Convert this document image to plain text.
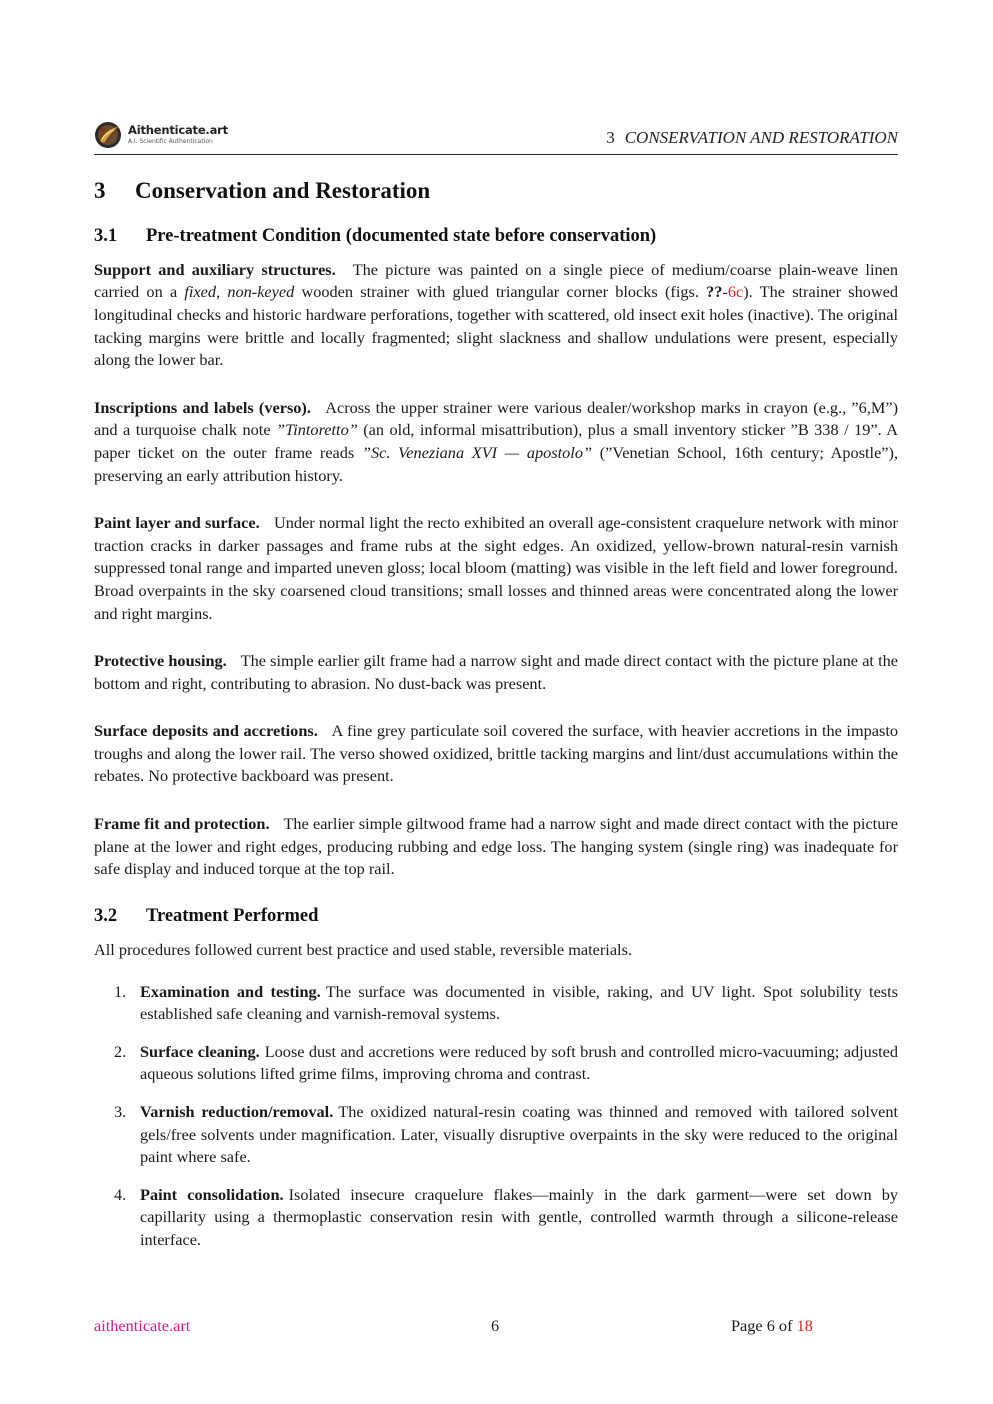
Aithenticate.art
A.I. Scientific Authentication	3 CONSERVATION AND RESTORATION
3 Conservation and Restoration
3.1 Pre-treatment Condition (documented state before conservation)

Support and auxiliary structures. The picture was painted on a single piece of medium/coarse plain-weave linen carried on a fixed, non-keyed wooden strainer with glued triangular corner blocks (figs. ??-6c). The strainer showed longitudinal checks and historic hardware perforations, together with scattered, old insect exit holes (inactive). The original tacking margins were brittle and locally fragmented; slight slackness and shallow undulations were present, especially along the lower bar.

Inscriptions and labels (verso). Across the upper strainer were various dealer/workshop marks in crayon (e.g., ”6,M”) and a turquoise chalk note ”Tintoretto” (an old, informal misattribution), plus a small inventory sticker ”B 338 / 19”. A paper ticket on the outer frame reads ”Sc. Veneziana XVI — apostolo” (”Venetian School, 16th century; Apostle”), preserving an early attribution history.

Paint layer and surface. Under normal light the recto exhibited an overall age-consistent craquelure network with minor traction cracks in darker passages and frame rubs at the sight edges. An oxidized, yellow-brown natural-resin varnish suppressed tonal range and imparted uneven gloss; local bloom (matting) was visible in the left field and lower foreground. Broad overpaints in the sky coarsened cloud transitions; small losses and thinned areas were concentrated along the lower and right margins.

Protective housing. The simple earlier gilt frame had a narrow sight and made direct contact with the picture plane at the bottom and right, contributing to abrasion. No dust-back was present.

Surface deposits and accretions. A fine grey particulate soil covered the surface, with heavier accretions in the impasto troughs and along the lower rail. The verso showed oxidized, brittle tacking margins and lint/dust accumulations within the rebates. No protective backboard was present.

Frame fit and protection. The earlier simple giltwood frame had a narrow sight and made direct contact with the picture plane at the lower and right edges, producing rubbing and edge loss. The hanging system (single ring) was inadequate for safe display and induced torque at the top rail.

3.2 Treatment Performed

All procedures followed current best practice and used stable, reversible materials.

1. Examination and testing. The surface was documented in visible, raking, and UV light. Spot solubility tests established safe cleaning and varnish-removal systems.
2. Surface cleaning. Loose dust and accretions were reduced by soft brush and controlled micro-vacuuming; adjusted aqueous solutions lifted grime films, improving chroma and contrast.
3. Varnish reduction/removal. The oxidized natural-resin coating was thinned and removed with tailored solvent gels/free solvents under magnification. Later, visually disruptive overpaints in the sky were reduced to the original paint where safe.
4. Paint consolidation. Isolated insecure craquelure flakes—mainly in the dark garment—were set down by capillarity using a thermoplastic conservation resin with gentle, controlled warmth through a silicone-release interface.
aithenticate.art	6	Page 6 of 18
